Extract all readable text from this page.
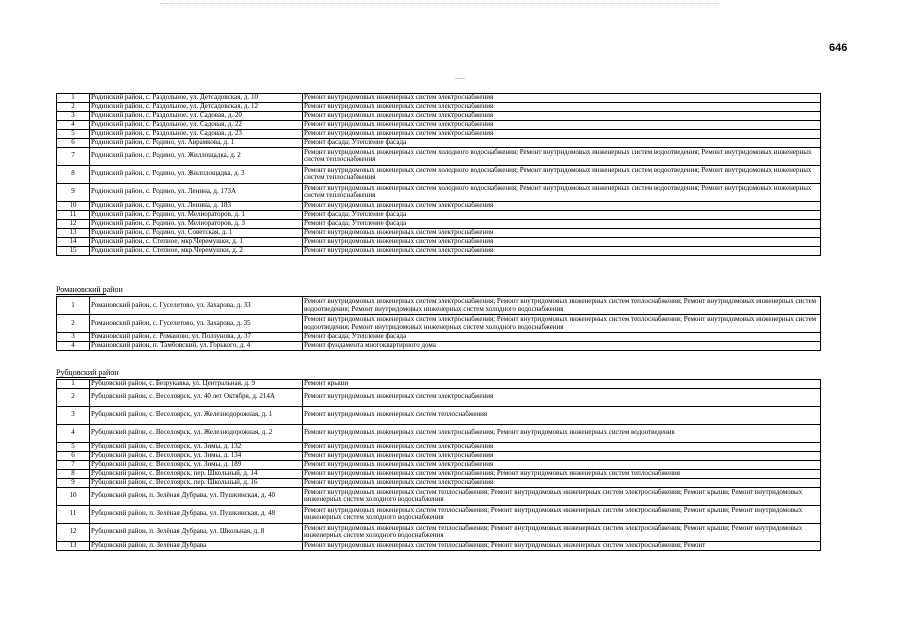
646
1	Родинский район, с. Раздольное, ул. Детсадовская, д. 10	Ремонт внутридомовых инженерных систем электроснабжения
2	Родинский район, с. Раздольное, ул. Детсадовская, д. 12	Ремонт внутридомовых инженерных систем электроснабжения
3	Родинский район, с. Раздольное, ул. Садовая, д. 20	Ремонт внутридомовых инженерных систем электроснабжения
4	Родинский район, с. Раздольное, ул. Садовая, д. 22	Ремонт внутридомовых инженерных систем электроснабжения
5	Родинский район, с. Раздольное, ул. Садовая, д. 23	Ремонт внутридомовых инженерных систем электроснабжения
6	Родинский район, с. Родино, ул. Аврамкова, д. 1	Ремонт фасада; Утепление фасада
7	Родинский район, с. Родино, ул. Жиллощадка, д. 2	Ремонт внутридомовых инженерных систем холодного водоснабжения; Ремонт внутридомовых инженерных систем водоотведения; Ремонт внутридомовых инженерных систем теплоснабжения
8	Родинский район, с. Родино, ул. Жилплощадка, д. 3	Ремонт внутридомовых инженерных систем холодного водоснабжения; Ремонт внутридомовых инженерных систем водоотведения; Ремонт внутридомовых инженерных систем теплоснабжения
9	Родинский район, с. Родино, ул. Ленина, д. 173А	Ремонт внутридомовых инженерных систем холодного водоснабжения; Ремонт внутридомовых инженерных систем водоотведения; Ремонт внутридомовых инженерных систем теплоснабжения
10	Родинский район, с. Родино, ул. Ленина, д. 183	Ремонт внутридомовых инженерных систем электроснабжения
11	Родинский район, с. Родино, ул. Мелиораторов, д. 1	Ремонт фасада; Утепление фасада
12	Родинский район, с. Родино, ул. Мелиораторов, д. 3	Ремонт фасада; Утепление фасада
13	Родинский район, с. Родино, ул. Советская, д. 1	Ремонт внутридомовых инженерных систем электроснабжения
14	Родинский район, с. Степное, мкр.Черемушки, д. 1	Ремонт внутридомовых инженерных систем электроснабжения
15	Родинский район, с. Степное, мкр.Черемушки, д. 2	Ремонт внутридомовых инженерных систем электроснабжения
Романовский район
1	Романовский район, с. Гуселетово, ул. Захарова, д. 33	Ремонт внутридомовых инженерных систем электроснабжения; Ремонт внутридомовых инженерных систем теплоснабжения; Ремонт внутридомовых инженерных систем водоотведения; Ремонт внутридомовых инженерных систем холодного водоснабжения
2	Романовский район, с. Гуселетово, ул. Захарова, д. 35	Ремонт внутридомовых инженерных систем электроснабжения; Ремонт внутридомовых инженерных систем теплоснабжения; Ремонт внутридомовых инженерных систем водоотведения; Ремонт внутридомовых инженерных систем холодного водоснабжения
3	Романовский район, с. Романово, ул. Ползунова, д. 37	Ремонт фасада; Утепление фасада
4	Романовский район, п. Тамбовский, ул. Горького, д. 4	Ремонт фундамента многоквартирного дома
Рубцовский район
1	Рубцовский район, с. Безрукавка, ул. Центральная, д. 9	Ремонт крыши
2	Рубцовский район, с. Веселоярск, ул. 40 лет Октября, д. 214А	Ремонт внутридомовых инженерных систем электроснабжения
3	Рубцовский район, с. Веселоярск, ул. Железнодорожная, д. 1	Ремонт внутридомовых инженерных систем теплоснабжения
4	Рубцовский район, с. Веселоярск, ул. Железнодорожная, д. 2	Ремонт внутридомовых инженерных систем электроснабжения; Ремонт внутридомовых инженерных систем водоотведения
5	Рубцовский район, с. Веселоярск, ул. Зимы, д. 132	Ремонт внутридомовых инженерных систем электроснабжения
6	Рубцовский район, с. Веселоярск, ул. Зимы, д. 134	Ремонт внутридомовых инженерных систем электроснабжения
7	Рубцовский район, с. Веселоярск, ул. Зимы, д. 189	Ремонт внутридомовых инженерных систем электроснабжения
8	Рубцовский район, с. Веселоярск, пер. Школьный, д. 14	Ремонт внутридомовых инженерных систем электроснабжения; Ремонт внутридомовых инженерных систем теплоснабжения
9	Рубцовский район, с. Веселоярск, пер. Школьный, д. 16	Ремонт внутридомовых инженерных систем электроснабжения
10	Рубцовский район, п. Зелёная Дубрава, ул. Пушкинская, д. 40	Ремонт внутридомовых инженерных систем теплоснабжения; Ремонт внутридомовых инженерных систем электроснабжения; Ремонт крыши; Ремонт внутридомовых инженерных систем холодного водоснабжения
11	Рубцовский район, п. Зелёная Дубрава, ул. Пушкинская, д. 48	Ремонт внутридомовых инженерных систем теплоснабжения; Ремонт внутридомовых инженерных систем электроснабжения; Ремонт крыши; Ремонт внутридомовых инженерных систем холодного водоснабжения
12	Рубцовский район, п. Зелёная Дубрава, ул. Школьная, д. 8	Ремонт внутридомовых инженерных систем теплоснабжения; Ремонт внутридомовых инженерных систем электроснабжения; Ремонт крыши; Ремонт внутридомовых инженерных систем холодного водоснабжения
13	Рубцовский район, п. Зелёная Дубрава	Ремонт внутридомовых инженерных систем теплоснабжения; Ремонт внутридомовых инженерных систем электроснабжения; Ремонт
